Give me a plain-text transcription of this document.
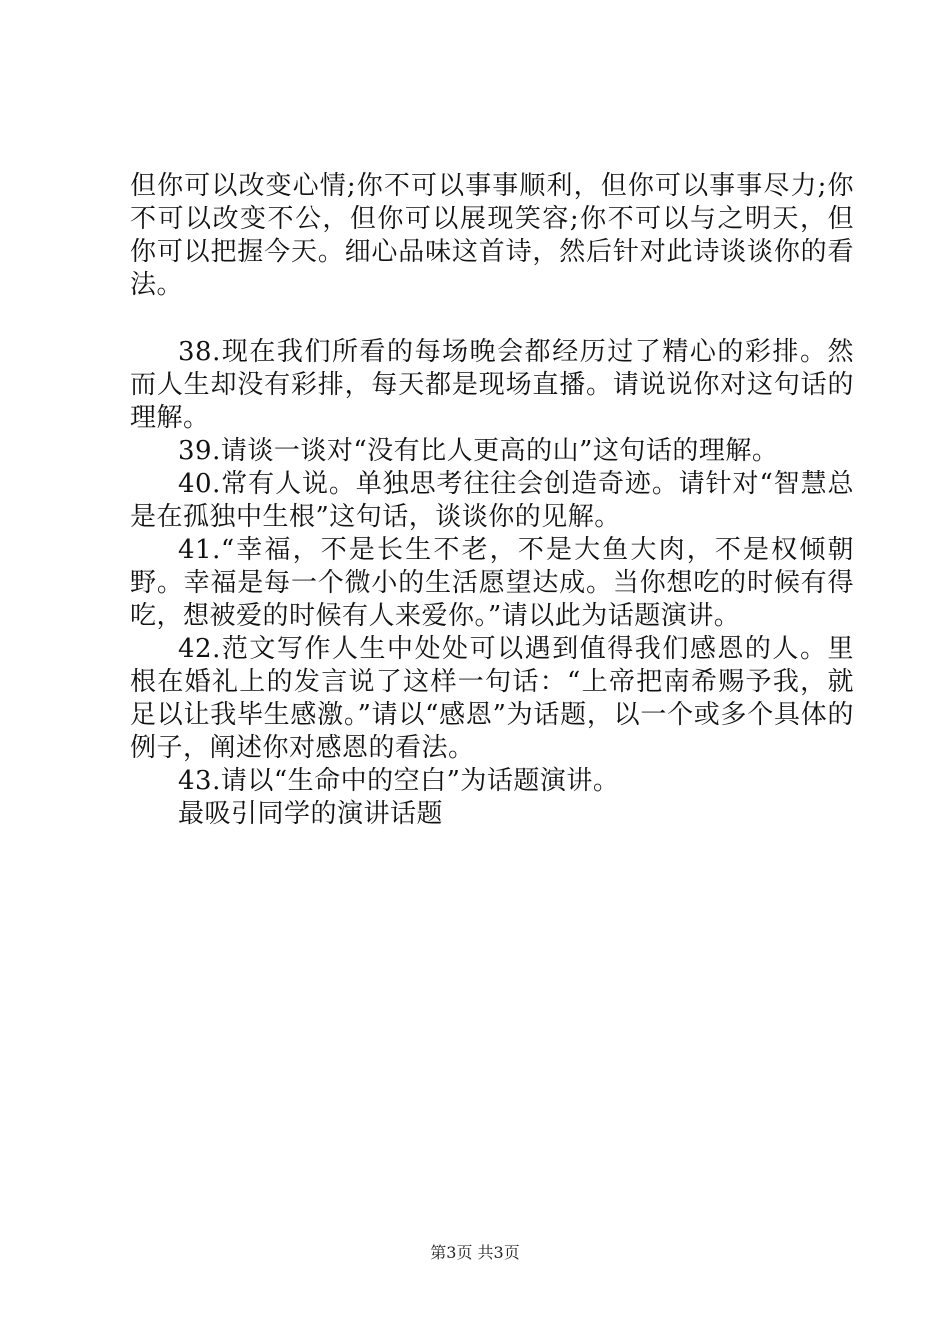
但你可以改变心情;你不可以事事顺利，但你可以事事尽力;你不可以改变不公，但你可以展现笑容;你不可以与之明天，但你可以把握今天。细心品味这首诗，然后针对此诗谈谈你的看法。

38.现在我们所看的每场晚会都经历过了精心的彩排。然而人生却没有彩排，每天都是现场直播。请说说你对这句话的理解。

39.请谈一谈对“没有比人更高的山”这句话的理解。

40.常有人说。单独思考往往会创造奇迹。请针对“智慧总是在孤独中生根”这句话，谈谈你的见解。

41.“幸福，不是长生不老，不是大鱼大肉，不是权倾朝野。幸福是每一个微小的生活愿望达成。当你想吃的时候有得吃，想被爱的时候有人来爱你。”请以此为话题演讲。

42.范文写作人生中处处可以遇到值得我们感恩的人。里根在婚礼上的发言说了这样一句话：“上帝把南希赐予我，就足以让我毕生感激。”请以“感恩”为话题，以一个或多个具体的例子，阐述你对感恩的看法。

43.请以“生命中的空白”为话题演讲。

最吸引同学的演讲话题

第3页 共3页
